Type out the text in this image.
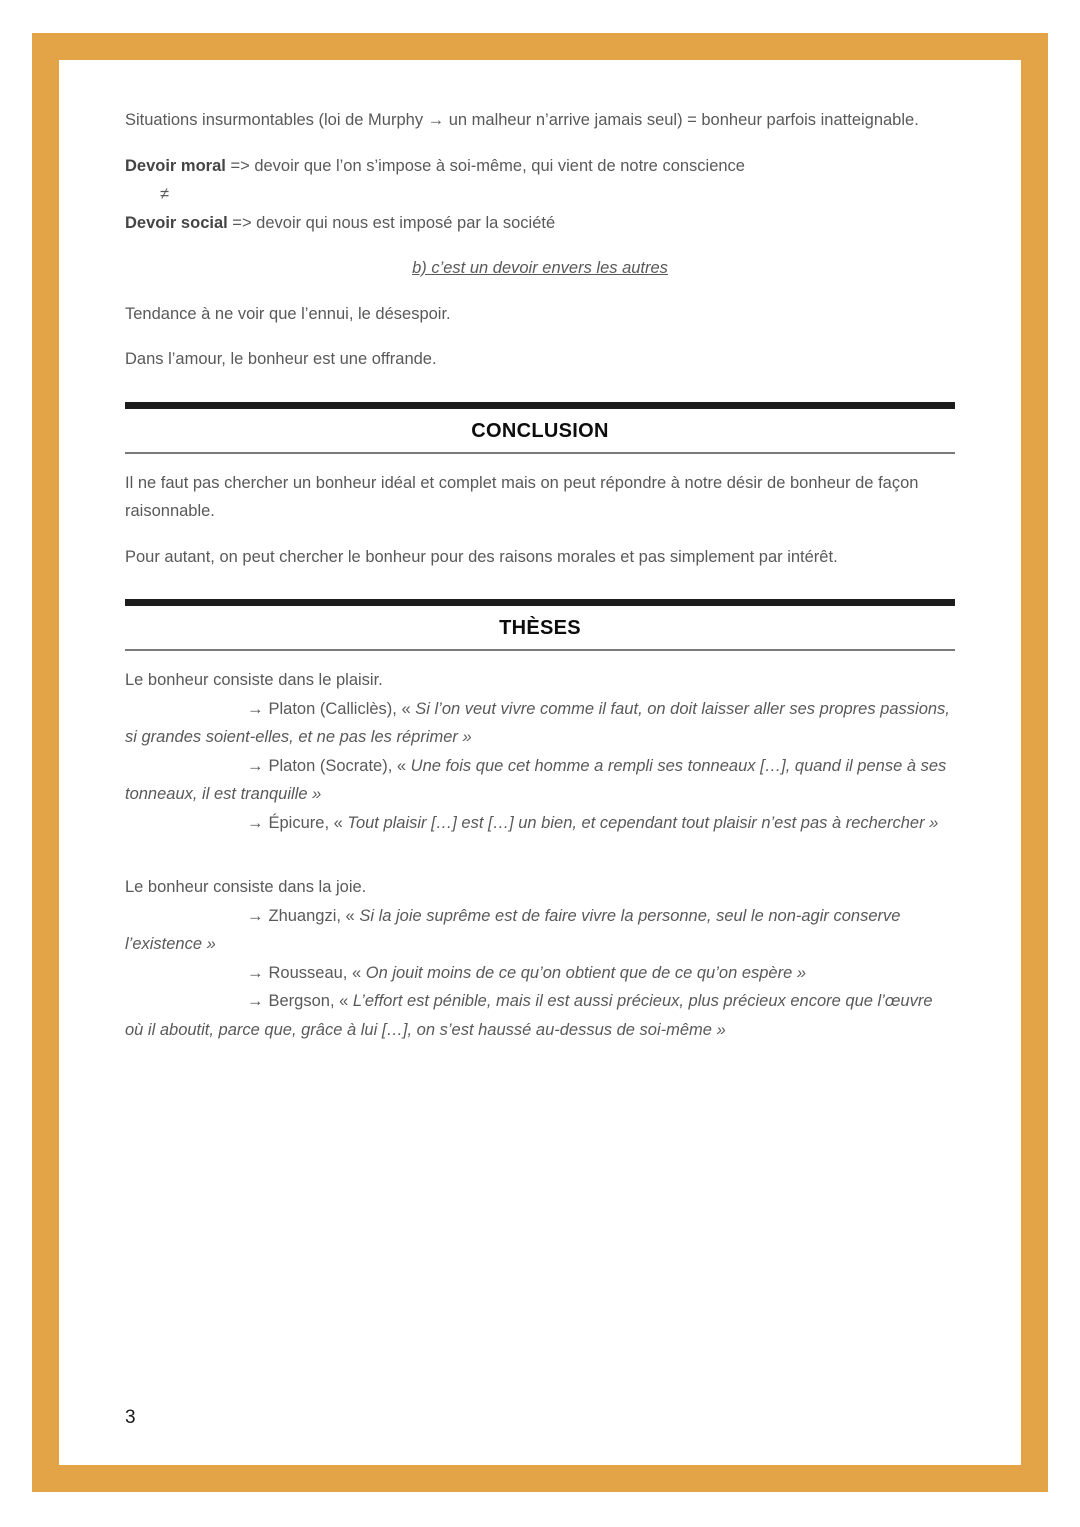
Situations insurmontables (loi de Murphy → un malheur n’arrive jamais seul) = bonheur parfois inatteignable.

Devoir moral => devoir que l’on s’impose à soi-même, qui vient de notre conscience

≠

Devoir social => devoir qui nous est imposé par la société

b) c’est un devoir envers les autres

Tendance à ne voir que l’ennui, le désespoir.

Dans l’amour, le bonheur est une offrande.

CONCLUSION

Il ne faut pas chercher un bonheur idéal et complet mais on peut répondre à notre désir de bonheur de façon raisonnable.

Pour autant, on peut chercher le bonheur pour des raisons morales et pas simplement par intérêt.

THÈSES

Le bonheur consiste dans le plaisir.

→ Platon (Calliclès), « Si l’on veut vivre comme il faut, on doit laisser aller ses propres passions, si grandes soient-elles, et ne pas les réprimer »

→ Platon (Socrate), « Une fois que cet homme a rempli ses tonneaux […], quand il pense à ses tonneaux, il est tranquille »

→ Épicure, « Tout plaisir […] est […] un bien, et cependant tout plaisir n’est pas à rechercher »

Le bonheur consiste dans la joie.

→ Zhuangzi, « Si la joie suprême est de faire vivre la personne, seul le non-agir conserve l’existence »

→ Rousseau, « On jouit moins de ce qu’on obtient que de ce qu’on espère »

→ Bergson, « L’effort est pénible, mais il est aussi précieux, plus précieux encore que l’œuvre où il aboutit, parce que, grâce à lui […], on s’est haussé au-dessus de soi-même »

3
